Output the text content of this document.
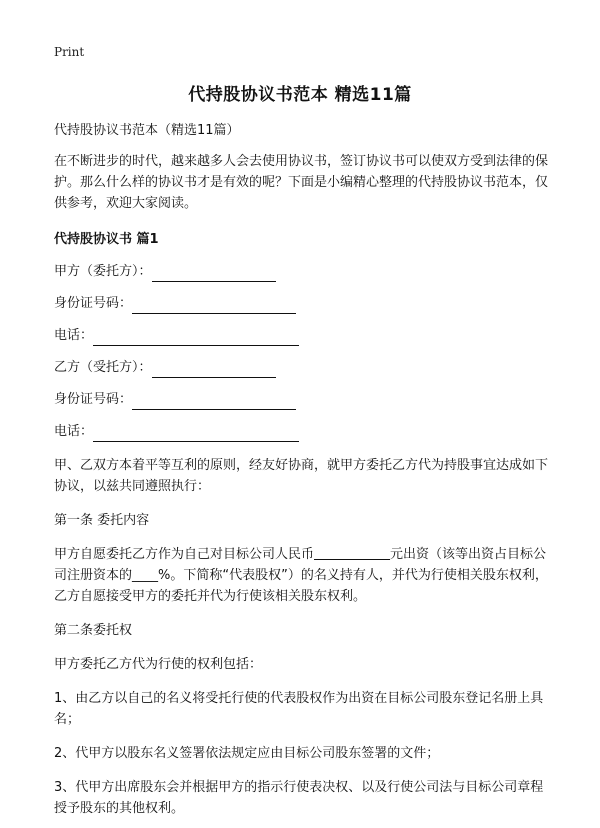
Print
代持股协议书范本 精选11篇

代持股协议书范本（精选11篇）

在不断进步的时代，越来越多人会去使用协议书，签订协议书可以使双方受到法律的保护。那么什么样的协议书才是有效的呢？下面是小编精心整理的代持股协议书范本，仅供参考，欢迎大家阅读。

代持股协议书 篇1
甲方（委托方）：
身份证号码：
电话：
乙方（受托方）：
身份证号码：
电话：

甲、乙双方本着平等互利的原则，经友好协商，就甲方委托乙方代为持股事宜达成如下协议，以兹共同遵照执行：

第一条 委托内容

甲方自愿委托乙方作为自己对目标公司人民币	元出资（该等出资占目标公司注册资本的____%。下简称“代表股权”）的名义持有人，并代为行使相关股东权利，乙方自愿接受甲方的委托并代为行使该相关股东权利。

第二条委托权

甲方委托乙方代为行使的权利包括：

1、由乙方以自己的名义将受托行使的代表股权作为出资在目标公司股东登记名册上具名；

2、代甲方以股东名义签署依法规定应由目标公司股东签署的文件；

3、代甲方出席股东会并根据甲方的指示行使表决权、以及行使公司法与目标公司章程授予股东的其他权利。
